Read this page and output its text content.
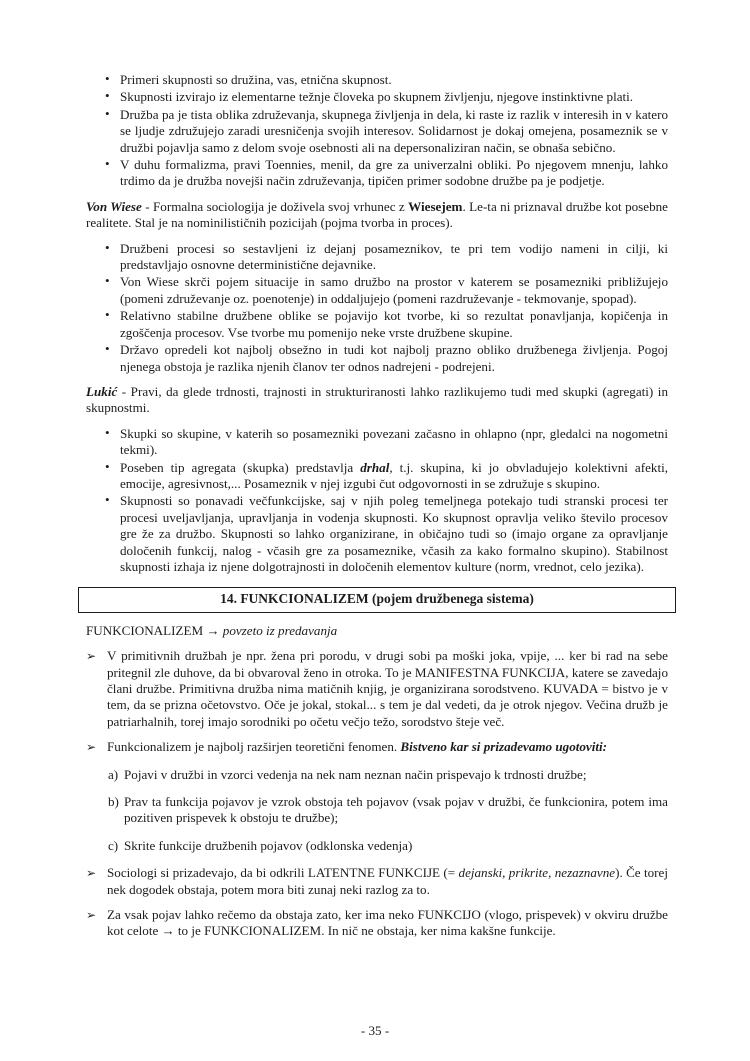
• Primeri skupnosti so družina, vas, etnična skupnost.
• Skupnosti izvirajo iz elementarne težnje človeka po skupnem življenju, njegove instinktivne plati.
• Družba pa je tista oblika združevanja, skupnega življenja in dela, ki raste iz razlik v interesih in v katero se ljudje združujejo zaradi uresničenja svojih interesov. Solidarnost je dokaj omejena, posameznik se v družbi pojavlja samo z delom svoje osebnosti ali na depersonaliziran način, se obnaša sebično.
• V duhu formalizma, pravi Toennies, menil, da gre za univerzalni obliki. Po njegovem mnenju, lahko trdimo da je družba novejši način združevanja, tipičen primer sodobne družbe pa je podjetje.

Von Wiese - Formalna sociologija je doživela svoj vrhunec z Wiesejem. Le-ta ni priznaval družbe kot posebne realitete. Stal je na nominilističnih pozicijah (pojma tvorba in proces).

• Družbeni procesi so sestavljeni iz dejanj posameznikov, te pri tem vodijo nameni in cilji, ki predstavljajo osnovne deterministične dejavnike.
• Von Wiese skrči pojem situacije in samo družbo na prostor v katerem se posamezniki približujejo (pomeni združevanje oz. poenotenje) in oddaljujejo (pomeni razdruževanje - tekmovanje, spopad).
• Relativno stabilne družbene oblike se pojavijo kot tvorbe, ki so rezultat ponavljanja, kopičenja in zgoščenja procesov. Vse tvorbe mu pomenijo neke vrste družbene skupine.
• Državo opredeli kot najbolj obsežno in tudi kot najbolj prazno obliko družbenega življenja. Pogoj njenega obstoja je razlika njenih članov ter odnos nadrejeni - podrejeni.

Lukić - Pravi, da glede trdnosti, trajnosti in strukturiranosti lahko razlikujemo tudi med skupki (agregati) in skupnostmi.

• Skupki so skupine, v katerih so posamezniki povezani začasno in ohlapno (npr, gledalci na nogometni tekmi).
• Poseben tip agregata (skupka) predstavlja drhal, t.j. skupina, ki jo obvladujejo kolektivni afekti, emocije, agresivnost,... Posameznik v njej izgubi čut odgovornosti in se združuje s skupino.
• Skupnosti so ponavadi večfunkcijske, saj v njih poleg temeljnega potekajo tudi stranski procesi ter procesi uveljavljanja, upravljanja in vodenja skupnosti. Ko skupnost opravlja veliko število procesov gre že za družbo. Skupnosti so lahko organizirane, in običajno tudi so (imajo organe za opravljanje določenih funkcij, nalog - včasih gre za posameznike, včasih za kako formalno skupino). Stabilnost skupnosti izhaja iz njene dolgotrajnosti in določenih elementov kulture (norm, vrednot, celo jezika).
14. FUNKCIONALIZEM (pojem družbenega sistema)

FUNKCIONALIZEM → povzeto iz predavanja

➢ V primitivnih družbah je npr. žena pri porodu, v drugi sobi pa moški joka, vpije, ... ker bi rad na sebe pritegnil zle duhove, da bi obvaroval ženo in otroka. To je MANIFESTNA FUNKCIJA, katere se zavedajo člani družbe. Primitivna družba nima matičnih knjig, je organizirana sorodstveno. KUVADA = bistvo je v tem, da se prizna očetovstvo. Oče je jokal, stokal... s tem je dal vedeti, da je otrok njegov. Večina družb je patriarhalnih, torej imajo sorodniki po očetu večjo težo, sorodstvo šteje več.
➢ Funkcionalizem je najbolj razširjen teoretični fenomen. Bistveno kar si prizadevamo ugotoviti:
a) Pojavi v družbi in vzorci vedenja na nek nam neznan način prispevajo k trdnosti družbe;
b) Prav ta funkcija pojavov je vzrok obstoja teh pojavov (vsak pojav v družbi, če funkcionira, potem ima pozitiven prispevek k obstoju te družbe);
c) Skrite funkcije družbenih pojavov (odklonska vedenja)
➢ Sociologi si prizadevajo, da bi odkrili LATENTNE FUNKCIJE (= dejanski, prikrite, nezaznavne). Če torej nek dogodek obstaja, potem mora biti zunaj neki razlog za to.
➢ Za vsak pojav lahko rečemo da obstaja zato, ker ima neko FUNKCIJO (vlogo, prispevek) v okviru družbe kot celote → to je FUNKCIONALIZEM. In nič ne obstaja, ker nima kakšne funkcije.
- 35 -
